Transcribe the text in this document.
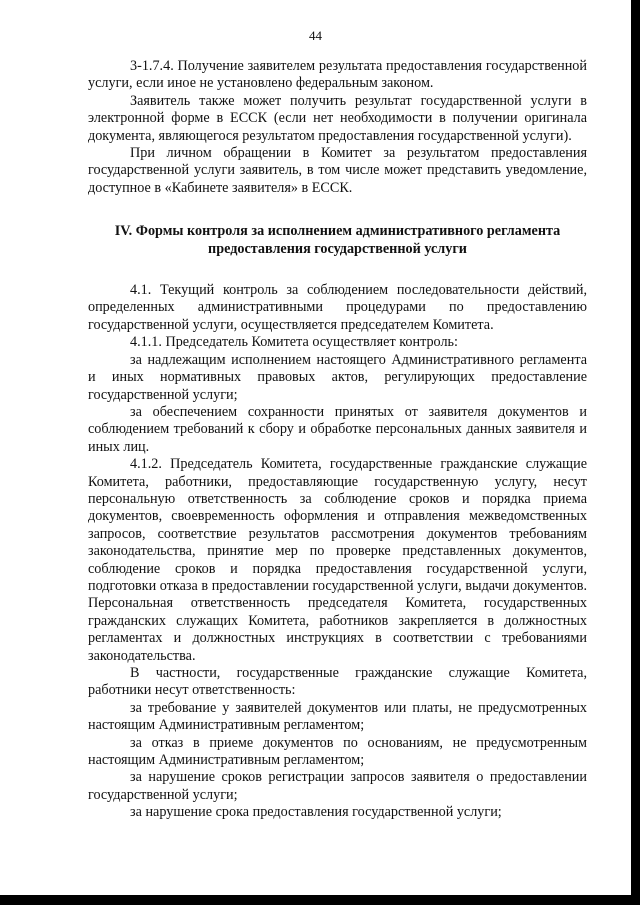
44

3-1.7.4. Получение заявителем результата предоставления государственной услуги, если иное не установлено федеральным законом.

Заявитель также может получить результат государственной услуги в электронной форме в ЕССК (если нет необходимости в получении оригинала документа, являющегося результатом предоставления государственной услуги).

При личном обращении в Комитет за результатом предоставления государственной услуги заявитель, в том числе может представить уведомление, доступное в «Кабинете заявителя» в ЕССК.

IV. Формы контроля за исполнением административного регламента предоставления государственной услуги

4.1. Текущий контроль за соблюдением последовательности действий, определенных административными процедурами по предоставлению государственной услуги, осуществляется председателем Комитета.

4.1.1. Председатель Комитета осуществляет контроль:

за надлежащим исполнением настоящего Административного регламента и иных нормативных правовых актов, регулирующих предоставление государственной услуги;

за обеспечением сохранности принятых от заявителя документов и соблюдением требований к сбору и обработке персональных данных заявителя и иных лиц.

4.1.2. Председатель Комитета, государственные гражданские служащие Комитета, работники, предоставляющие государственную услугу, несут персональную ответственность за соблюдение сроков и порядка приема документов, своевременность оформления и отправления межведомственных запросов, соответствие результатов рассмотрения документов требованиям законодательства, принятие мер по проверке представленных документов, соблюдение сроков и порядка предоставления государственной услуги, подготовки отказа в предоставлении государственной услуги, выдачи документов. Персональная ответственность председателя Комитета, государственных гражданских служащих Комитета, работников закрепляется в должностных регламентах и должностных инструкциях в соответствии с требованиями законодательства.

В частности, государственные гражданские служащие Комитета, работники несут ответственность:

за требование у заявителей документов или платы, не предусмотренных настоящим Административным регламентом;

за отказ в приеме документов по основаниям, не предусмотренным настоящим Административным регламентом;

за нарушение сроков регистрации запросов заявителя о предоставлении государственной услуги;

за нарушение срока предоставления государственной услуги;
